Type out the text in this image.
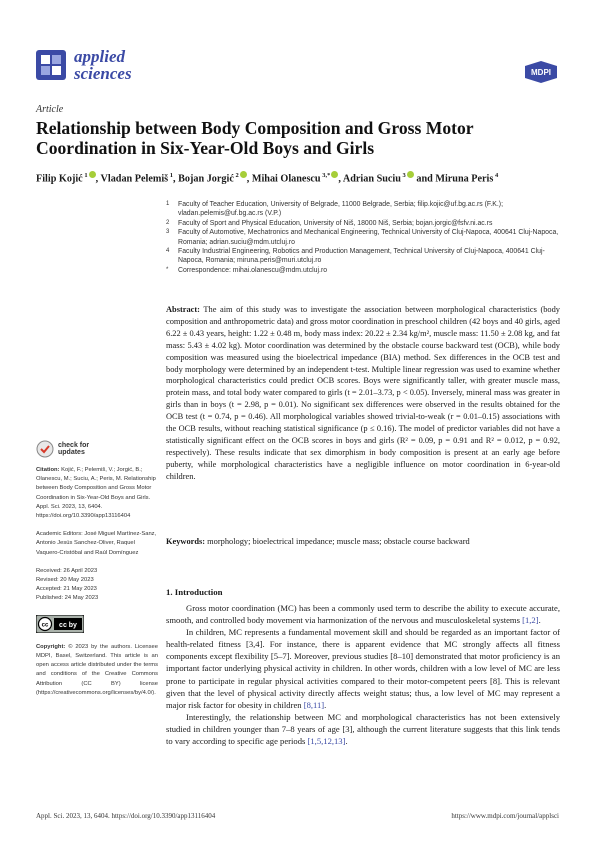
applied
sciences	MDPI
Article
Relationship between Body Composition and Gross Motor
Coordination in Six-Year-Old Boys and Girls
Filip Kojić $^1$ , Vladan Pelemiš $^1$, Bojan Jorgić $^2$ , Mihai Olanescu $^{3,*}$ , Adrian Suciu $^3$ and Miruna Peris $^4$
1	Faculty of Teacher Education, University of Belgrade, 11000 Belgrade, Serbia; filip.kojic@uf.bg.ac.rs (F.K.); vladan.pelemis@uf.bg.ac.rs (V.P.)
2	Faculty of Sport and Physical Education, University of Niš, 18000 Niš, Serbia; bojan.jorgic@fsfv.ni.ac.rs
3	Faculty of Automotive, Mechatronics and Mechanical Engineering, Technical University of Cluj-Napoca, 400641 Cluj-Napoca, Romania; adrian.suciu@mdm.utcluj.ro
4	Faculty Industrial Engineering, Robotics and Production Management, Technical University of Cluj-Napoca, 400641 Cluj-Napoca, Romania; miruna.peris@muri.utcluj.ro
*	Correspondence: mihai.olanescu@mdm.utcluj.ro
Abstract: The aim of this study was to investigate the association between morphological characteristics (body composition and anthropometric data) and gross motor coordination in preschool children (42 boys and 40 girls, aged 6.22 ± 0.43 years, height: 1.22 ± 0.48 m, body mass index: 20.22 ± 2.34 kg/m², muscle mass: 11.50 ± 2.08 kg, and fat mass: 5.43 ± 4.02 kg). Motor coordination was determined by the obstacle course backward test (OCB), while body composition was measured using the bioelectrical impedance (BIA) method. Sex differences in the OCB test and body morphology were determined by an independent t-test. Multiple linear regression was used to examine whether morphological characteristics could predict OCB scores. Boys were significantly taller, with greater muscle mass, protein mass, and total body water compared to girls (t = 2.01–3.73, p < 0.05). Inversely, mineral mass was greater in girls than in boys (t = 2.98, p = 0.01). No significant sex differences were observed in the results obtained for the OCB test (t = 0.74, p = 0.46). All morphological variables showed trivial-to-weak (r = 0.01–0.15) associations with the OCB results, without reaching statistical significance (p ≤ 0.16). The model of predictor variables did not have a statistically significant effect on the OCB scores in boys and girls (R² = 0.09, p = 0.91 and R² = 0.012, p = 0.92, respectively). These results indicate that sex dimorphism in body composition is present at an early age before puberty, while morphological characteristics have a negligible influence on motor coordination in 6-year-old children.
Keywords: morphology; bioelectrical impedance; muscle mass; obstacle course backward
check for
updates
Citation: Kojić, F.; Pelemiš, V.; Jorgić, B.; Olanescu, M.; Suciu, A.; Peris, M. Relationship between Body Composition and Gross Motor Coordination in Six-Year-Old Boys and Girls. Appl. Sci. 2023, 13, 6404. https://doi.org/10.3390/app13116404
Academic Editors: José Miguel Martínez-Sanz, Antonio Jesús Sanchez-Oliver, Raquel Vaquero-Cristóbal and Raúl Domínguez
Received: 26 April 2023
Revised: 20 May 2023
Accepted: 21 May 2023
Published: 24 May 2023
cc cc by
Copyright: © 2023 by the authors. Licensee MDPI, Basel, Switzerland. This article is an open access article distributed under the terms and conditions of the Creative Commons Attribution (CC BY) license (https://creativecommons.org/licenses/by/4.0/).
1. Introduction

Gross motor coordination (MC) has been a commonly used term to describe the ability to execute accurate, smooth, and controlled body movement via harmonization of the nervous and musculoskeletal systems [1,2].

In children, MC represents a fundamental movement skill and should be regarded as an important factor of health-related fitness [3,4]. For instance, there is apparent evidence that MC strongly affects all fitness components except flexibility [5–7]. Moreover, previous studies [8–10] demonstrated that motor proficiency is an important factor underlying physical activity in children. In other words, children with a low level of MC are less prone to participate in regular physical activities compared to their motor-competent peers [8]. This is relevant given that the level of physical activity directly affects weight status; thus, a low level of MC may represent a major risk factor for obesity in children [8,11].

Interestingly, the relationship between MC and morphological characteristics has not been extensively studied in children younger than 7–8 years of age [3], although the current literature suggests that this link tends to vary according to specific age periods [1,5,12,13].

Appl. Sci. 2023, 13, 6404. https://doi.org/10.3390/app13116404	https://www.mdpi.com/journal/applsci
